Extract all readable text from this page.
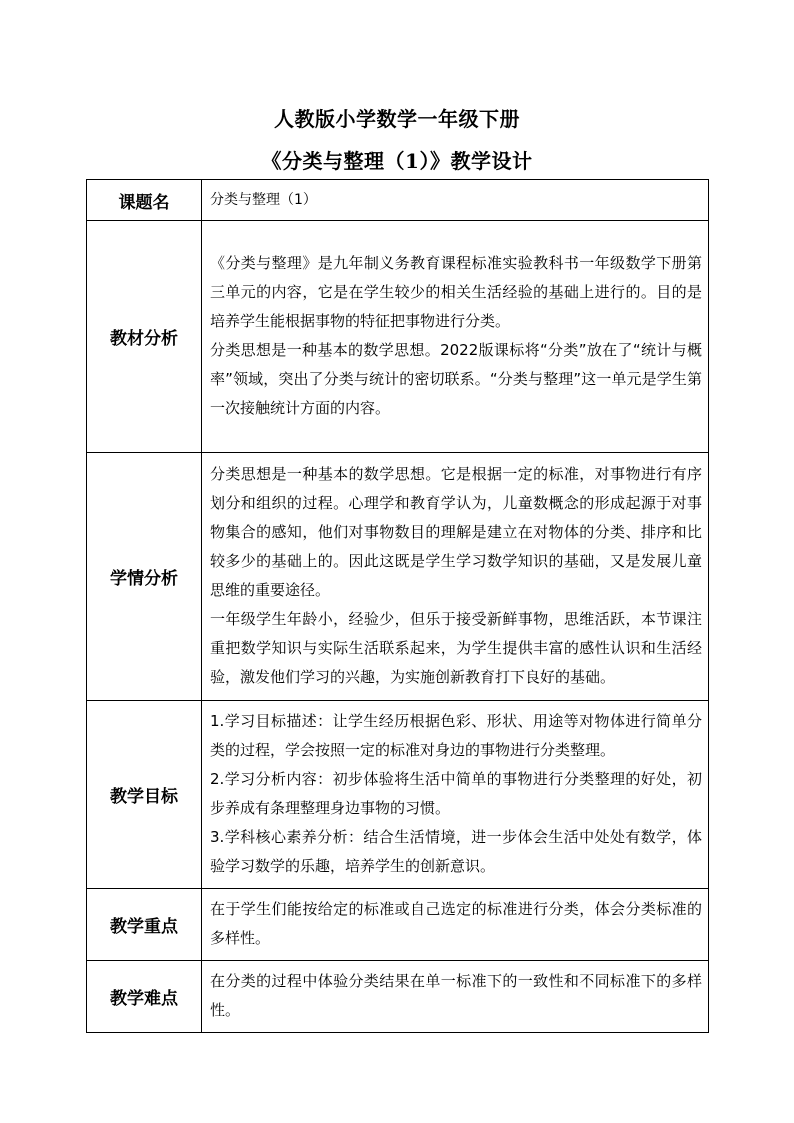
人教版小学数学一年级下册
《分类与整理（1）》教学设计
课题名	分类与整理（1）
教材分析	《分类与整理》是九年制义务教育课程标准实验教科书一年级数学下册第三单元的内容，它是在学生较少的相关生活经验的基础上进行的。目的是培养学生能根据事物的特征把事物进行分类。

分类思想是一种基本的数学思想。2022版课标将“分类”放在了“统计与概率”领域，突出了分类与统计的密切联系。“分类与整理”这一单元是学生第一次接触统计方面的内容。

学情分析	分类思想是一种基本的数学思想。它是根据一定的标准，对事物进行有序划分和组织的过程。心理学和教育学认为，儿童数概念的形成起源于对事物集合的感知，他们对事物数目的理解是建立在对物体的分类、排序和比较多少的基础上的。因此这既是学生学习数学知识的基础，又是发展儿童思维的重要途径。

一年级学生年龄小，经验少，但乐于接受新鲜事物，思维活跃，本节课注重把数学知识与实际生活联系起来，为学生提供丰富的感性认识和生活经验，激发他们学习的兴趣，为实施创新教育打下良好的基础。

教学目标	1.学习目标描述：让学生经历根据色彩、形状、用途等对物体进行简单分类的过程，学会按照一定的标准对身边的事物进行分类整理。

2.学习分析内容：初步体验将生活中简单的事物进行分类整理的好处，初步养成有条理整理身边事物的习惯。

3.学科核心素养分析：结合生活情境，进一步体会生活中处处有数学，体验学习数学的乐趣，培养学生的创新意识。

教学重点	在于学生们能按给定的标准或自己选定的标准进行分类，体会分类标准的多样性。
教学难点	在分类的过程中体验分类结果在单一标准下的一致性和不同标准下的多样性。
